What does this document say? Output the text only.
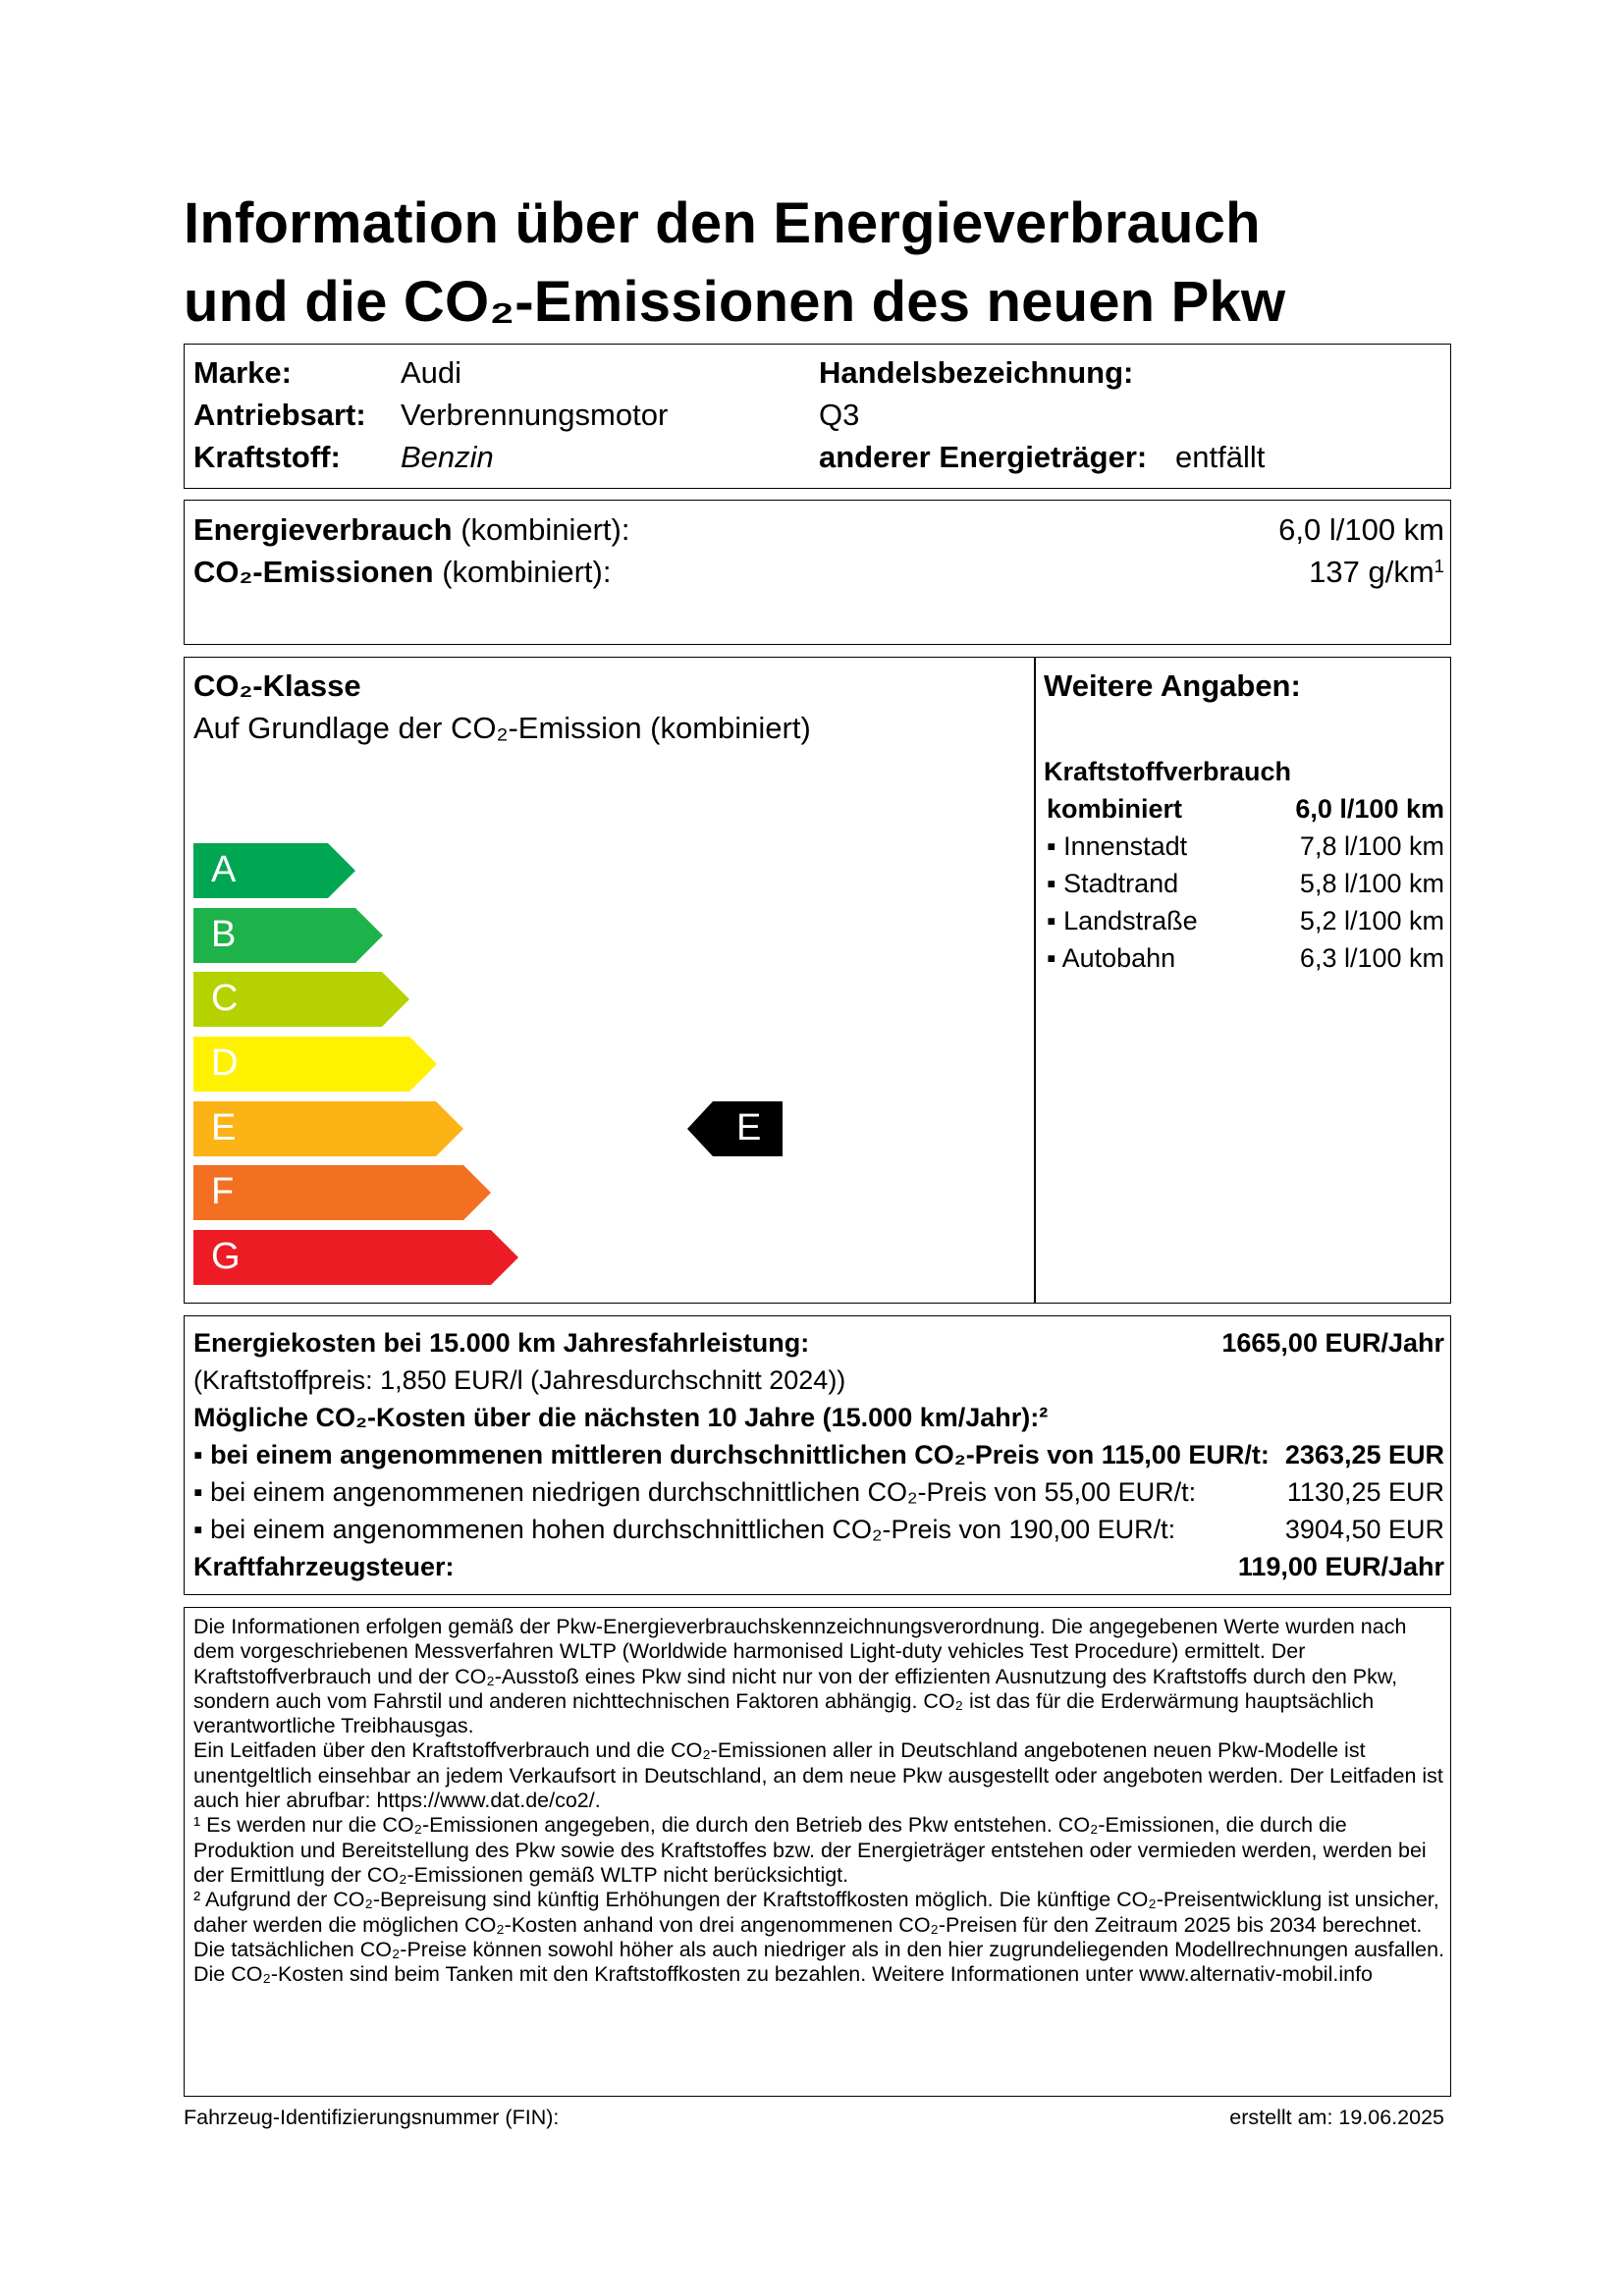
Information über den Energieverbrauch
und die CO₂-Emissionen des neuen Pkw
Marke:	Audi
Antriebsart: Verbrennungsmotor
Kraftstoff: Benzin
Handelsbezeichnung:
Q3
anderer Energieträger: entfällt
Energieverbrauch (kombiniert):	6,0 l/100 km
CO₂-Emissionen (kombiniert):	137 $g/km^1$
CO₂-Klasse
Auf Grundlage der CO₂-Emission (kombiniert)
A
B
C
D
E
F
G
E
Weitere Angaben:
Kraftstoffverbrauch
kombiniert	6,0 l/100 km
▪ Innenstadt	7,8 l/100 km
▪ Stadtrand	5,8 l/100 km
▪ Landstraße	5,2 l/100 km
▪ Autobahn	6,3 l/100 km
Energiekosten bei 15.000 km Jahresfahrleistung:	1665,00 EUR/Jahr
(Kraftstoffpreis: 1,850 EUR/l (Jahresdurchschnitt 2024))
Mögliche CO₂-Kosten über die nächsten 10 Jahre (15.000 km/Jahr):²
▪ bei einem angenommenen mittleren durchschnittlichen CO₂-Preis von 115,00 EUR/t: 2363,25 EUR
▪ bei einem angenommenen niedrigen durchschnittlichen CO₂-Preis von 55,00 EUR/t:	1130,25 EUR
▪ bei einem angenommenen hohen durchschnittlichen CO₂-Preis von 190,00 EUR/t:	3904,50 EUR
Kraftfahrzeugsteuer:	119,00 EUR/Jahr
Die Informationen erfolgen gemäß der Pkw-Energieverbrauchskennzeichnungsverordnung. Die angegebenen Werte wurden nach dem vorgeschriebenen Messverfahren WLTP (Worldwide harmonised Light-duty vehicles Test Procedure) ermittelt. Der Kraftstoffverbrauch und der CO₂-Ausstoß eines Pkw sind nicht nur von der effizienten Ausnutzung des Kraftstoffs durch den Pkw, sondern auch vom Fahrstil und anderen nichttechnischen Faktoren abhängig. CO₂ ist das für die Erderwärmung hauptsächlich verantwortliche Treibhausgas.
Ein Leitfaden über den Kraftstoffverbrauch und die CO₂-Emissionen aller in Deutschland angebotenen neuen Pkw-Modelle ist unentgeltlich einsehbar an jedem Verkaufsort in Deutschland, an dem neue Pkw ausgestellt oder angeboten werden. Der Leitfaden ist auch hier abrufbar: https://www.dat.de/co2/.
¹ Es werden nur die CO₂-Emissionen angegeben, die durch den Betrieb des Pkw entstehen. CO₂-Emissionen, die durch die Produktion und Bereitstellung des Pkw sowie des Kraftstoffes bzw. der Energieträger entstehen oder vermieden werden, werden bei der Ermittlung der CO₂-Emissionen gemäß WLTP nicht berücksichtigt.
² Aufgrund der CO₂-Bepreisung sind künftig Erhöhungen der Kraftstoffkosten möglich. Die künftige CO₂-Preisentwicklung ist unsicher, daher werden die möglichen CO₂-Kosten anhand von drei angenommenen CO₂-Preisen für den Zeitraum 2025 bis 2034 berechnet. Die tatsächlichen CO₂-Preise können sowohl höher als auch niedriger als in den hier zugrundeliegenden Modellrechnungen ausfallen. Die CO₂-Kosten sind beim Tanken mit den Kraftstoffkosten zu bezahlen. Weitere Informationen unter www.alternativ-mobil.info
Fahrzeug-Identifizierungsnummer (FIN):	erstellt am: 19.06.2025
